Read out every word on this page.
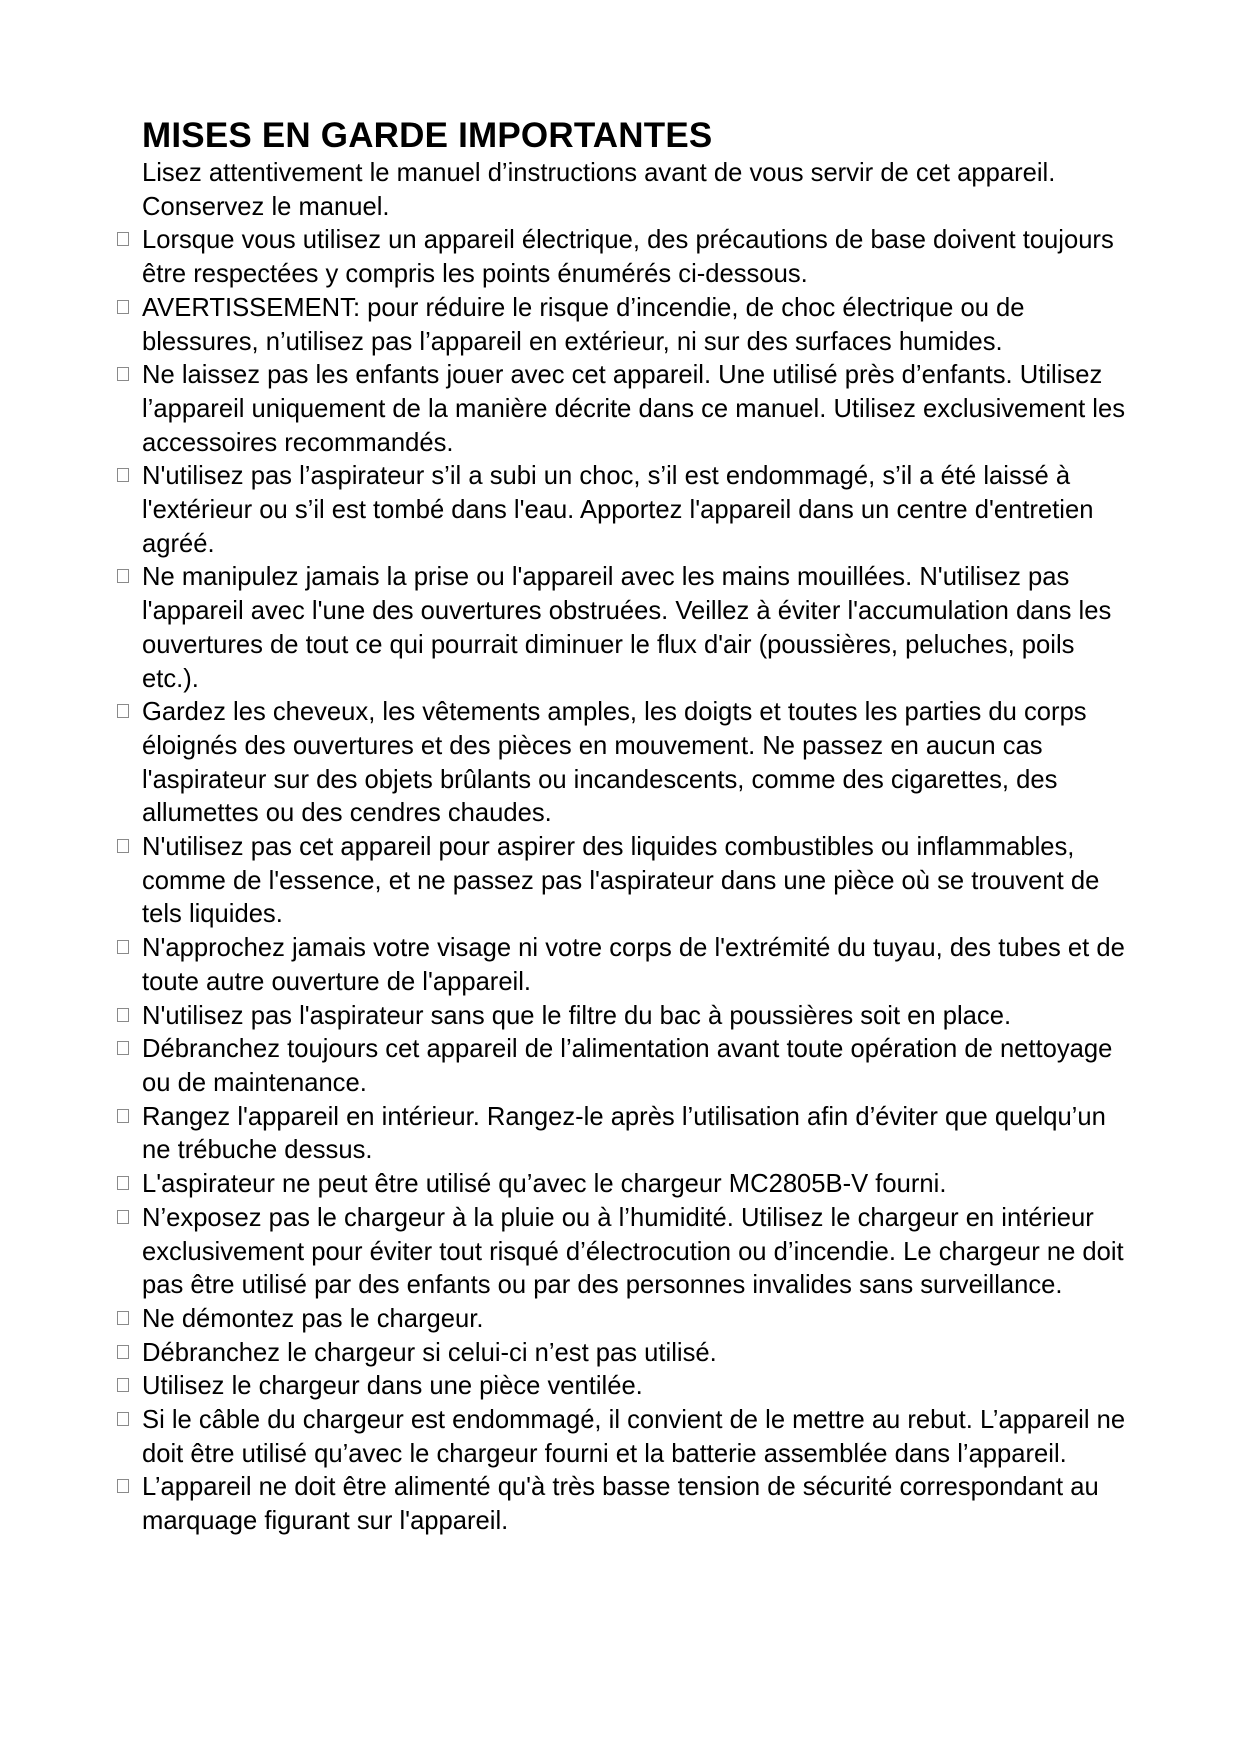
MISES EN GARDE IMPORTANTES

Lisez attentivement le manuel d’instructions avant de vous servir de cet appareil. Conservez le manuel.

Lorsque vous utilisez un appareil électrique, des précautions de base doivent toujours être respectées y compris les points énumérés ci-dessous.
AVERTISSEMENT: pour réduire le risque d’incendie, de choc électrique ou de blessures, n’utilisez pas l’appareil en extérieur, ni sur des surfaces humides.
Ne laissez pas les enfants jouer avec cet appareil. Une utilisé près d’enfants. Utilisez l’appareil uniquement de la manière décrite dans ce manuel. Utilisez exclusivement les accessoires recommandés.
N'utilisez pas l’aspirateur s’il a subi un choc, s’il est endommagé, s’il a été laissé à l'extérieur ou s’il est tombé dans l'eau. Apportez l'appareil dans un centre d'entretien agréé.
Ne manipulez jamais la prise ou l'appareil avec les mains mouillées. N'utilisez pas l'appareil avec l'une des ouvertures obstruées. Veillez à éviter l'accumulation dans les ouvertures de tout ce qui pourrait diminuer le flux d'air (poussières, peluches, poils etc.).
Gardez les cheveux, les vêtements amples, les doigts et toutes les parties du corps éloignés des ouvertures et des pièces en mouvement. Ne passez en aucun cas l'aspirateur sur des objets brûlants ou incandescents, comme des cigarettes, des allumettes ou des cendres chaudes.
N'utilisez pas cet appareil pour aspirer des liquides combustibles ou inflammables, comme de l'essence, et ne passez pas l'aspirateur dans une pièce où se trouvent de tels liquides.
N'approchez jamais votre visage ni votre corps de l'extrémité du tuyau, des tubes et de toute autre ouverture de l'appareil.
N'utilisez pas l'aspirateur sans que le filtre du bac à poussières soit en place.
Débranchez toujours cet appareil de l’alimentation avant toute opération de nettoyage ou de maintenance.
Rangez l'appareil en intérieur. Rangez-le après l’utilisation afin d’éviter que quelqu’un ne trébuche dessus.
L'aspirateur ne peut être utilisé qu’avec le chargeur MC2805B-V fourni.
N’exposez pas le chargeur à la pluie ou à l’humidité. Utilisez le chargeur en intérieur exclusivement pour éviter tout risqué d’électrocution ou d’incendie. Le chargeur ne doit pas être utilisé par des enfants ou par des personnes invalides sans surveillance.
Ne démontez pas le chargeur.
Débranchez le chargeur si celui-ci n’est pas utilisé.
Utilisez le chargeur dans une pièce ventilée.
Si le câble du chargeur est endommagé, il convient de le mettre au rebut. L’appareil ne doit être utilisé qu’avec le chargeur fourni et la batterie assemblée dans l’appareil.
L’appareil ne doit être alimenté qu'à très basse tension de sécurité correspondant au marquage figurant sur l'appareil.
